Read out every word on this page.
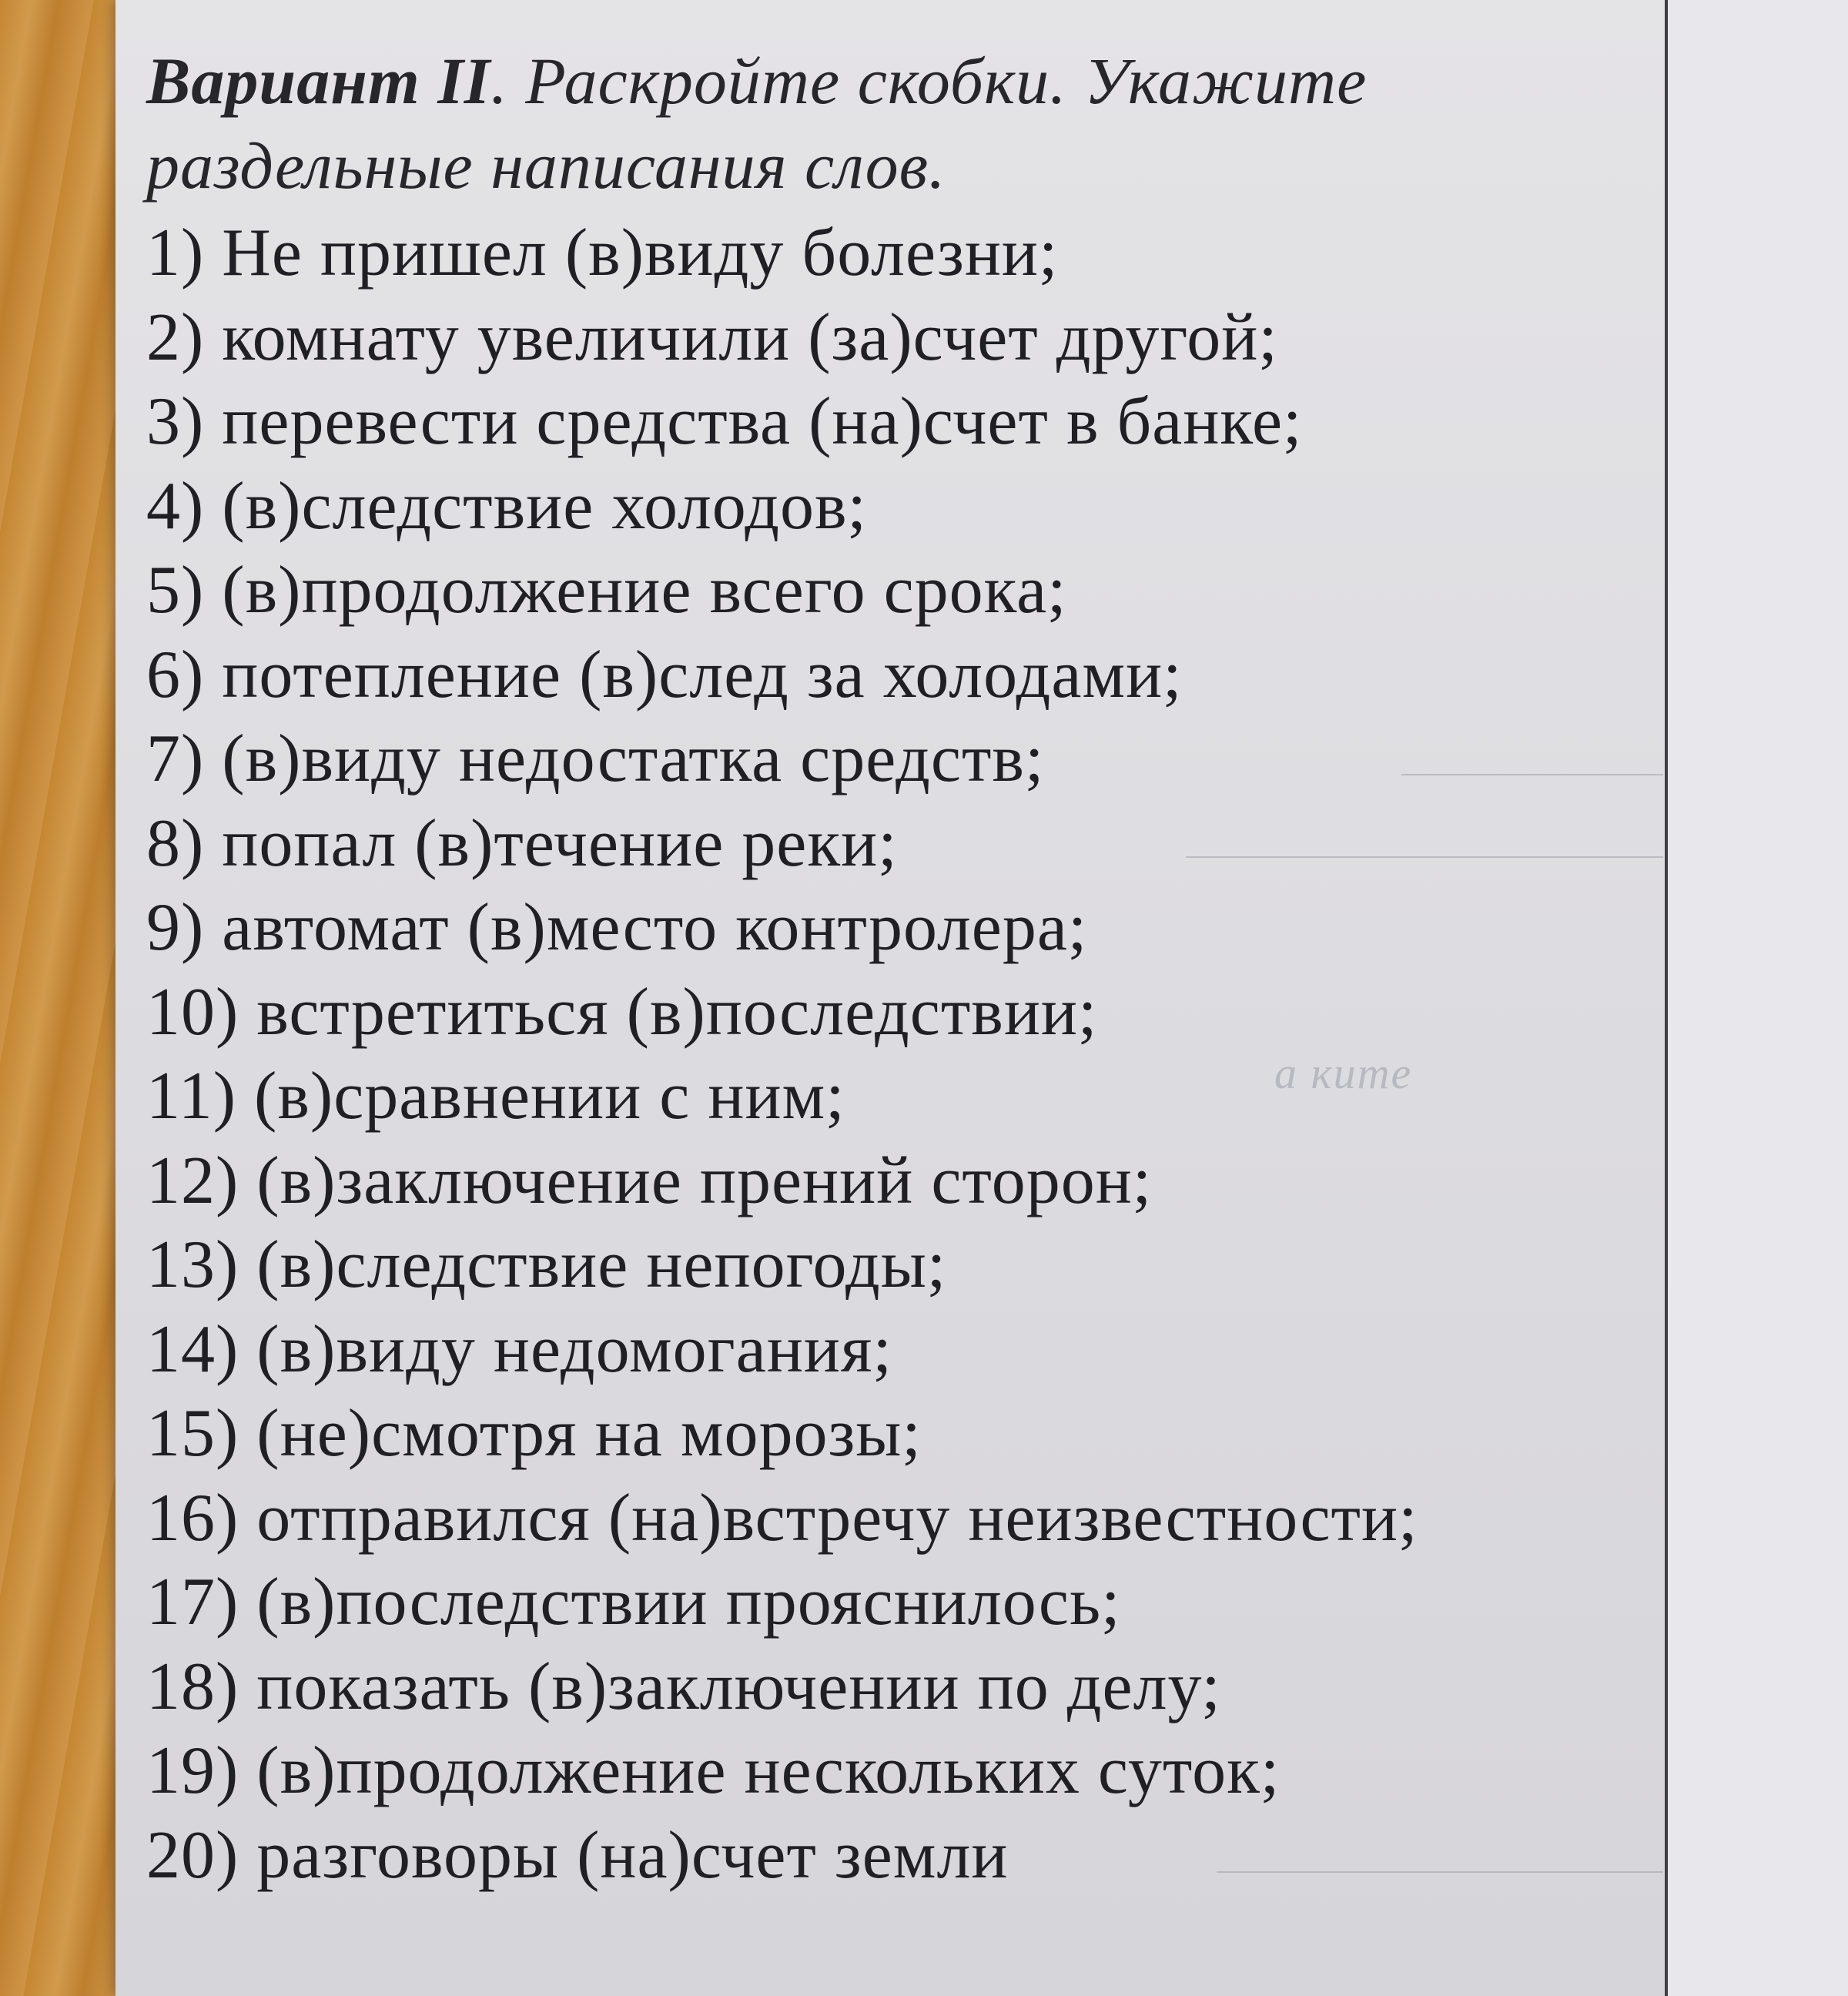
а ките
Вариант II. Раскройте скобки. Укажите раздельные написания слов.
1) Не пришел (в)виду болезни;
2) комнату увеличили (за)счет другой;
3) перевести средства (на)счет в банке;
4) (в)следствие холодов;
5) (в)продолжение всего срока;
6) потепление (в)след за холодами;
7) (в)виду недостатка средств;
8) попал (в)течение реки;
9) автомат (в)место контролера;
10) встретиться (в)последствии;
11) (в)сравнении с ним;
12) (в)заключение прений сторон;
13) (в)следствие непогоды;
14) (в)виду недомогания;
15) (не)смотря на морозы;
16) отправился (на)встречу неизвестности;
17) (в)последствии прояснилось;
18) показать (в)заключении по делу;
19) (в)продолжение нескольких суток;
20) разговоры (на)счет земли
